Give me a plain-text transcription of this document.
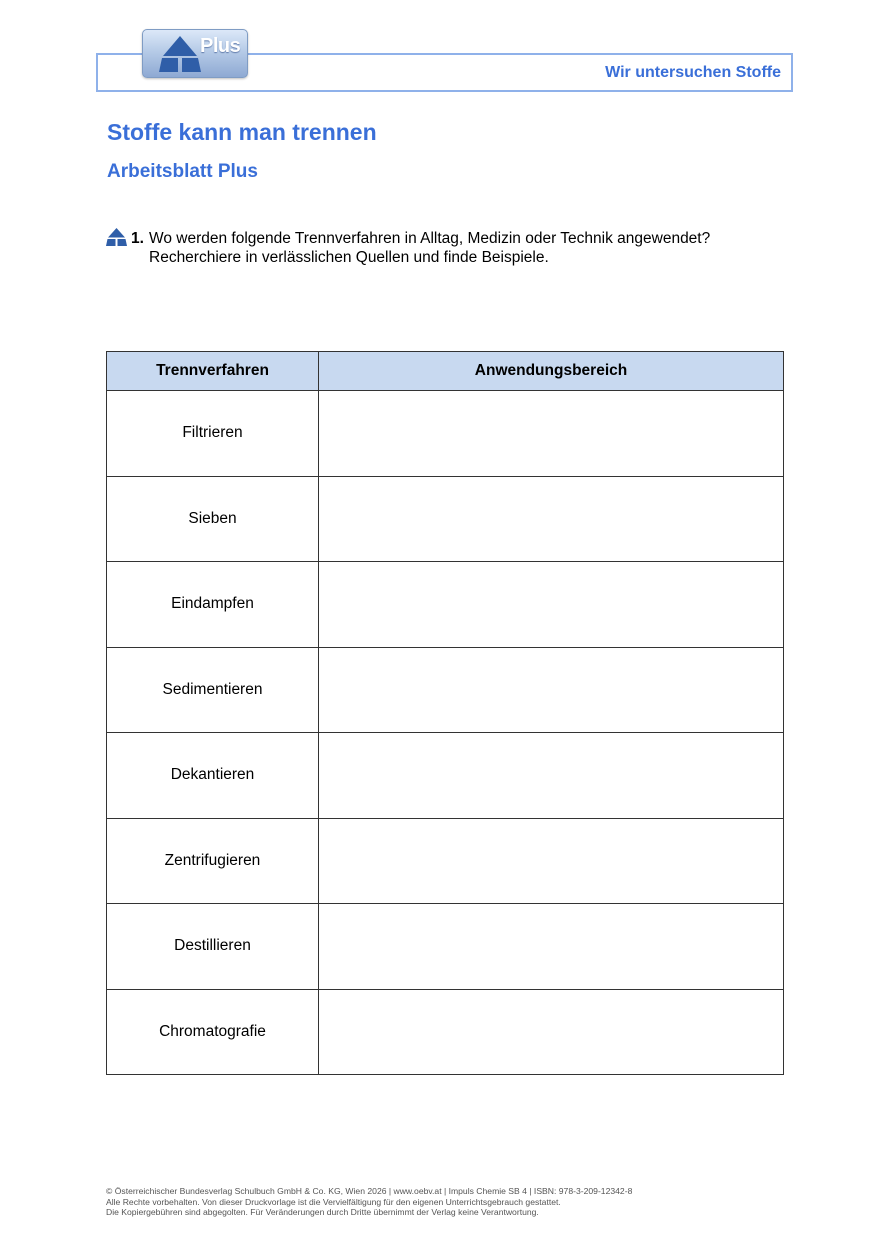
Wir untersuchen Stoffe
Plus
Stoffe kann man trennen
Arbeitsblatt Plus
1. Wo werden folgende Trennverfahren in Alltag, Medizin oder Technik angewendet?
Recherchiere in verlässlichen Quellen und finde Beispiele.
Trennverfahren	Anwendungsbereich
Filtrieren	
Sieben	
Eindampfen	
Sedimentieren	
Dekantieren	
Zentrifugieren	
Destillieren	
Chromatografie	
© Österreichischer Bundesverlag Schulbuch GmbH & Co. KG, Wien 2026 | www.oebv.at | Impuls Chemie SB 4 | ISBN: 978-3-209-12342-8
Alle Rechte vorbehalten. Von dieser Druckvorlage ist die Vervielfältigung für den eigenen Unterrichtsgebrauch gestattet.
Die Kopiergebühren sind abgegolten. Für Veränderungen durch Dritte übernimmt der Verlag keine Verantwortung.
